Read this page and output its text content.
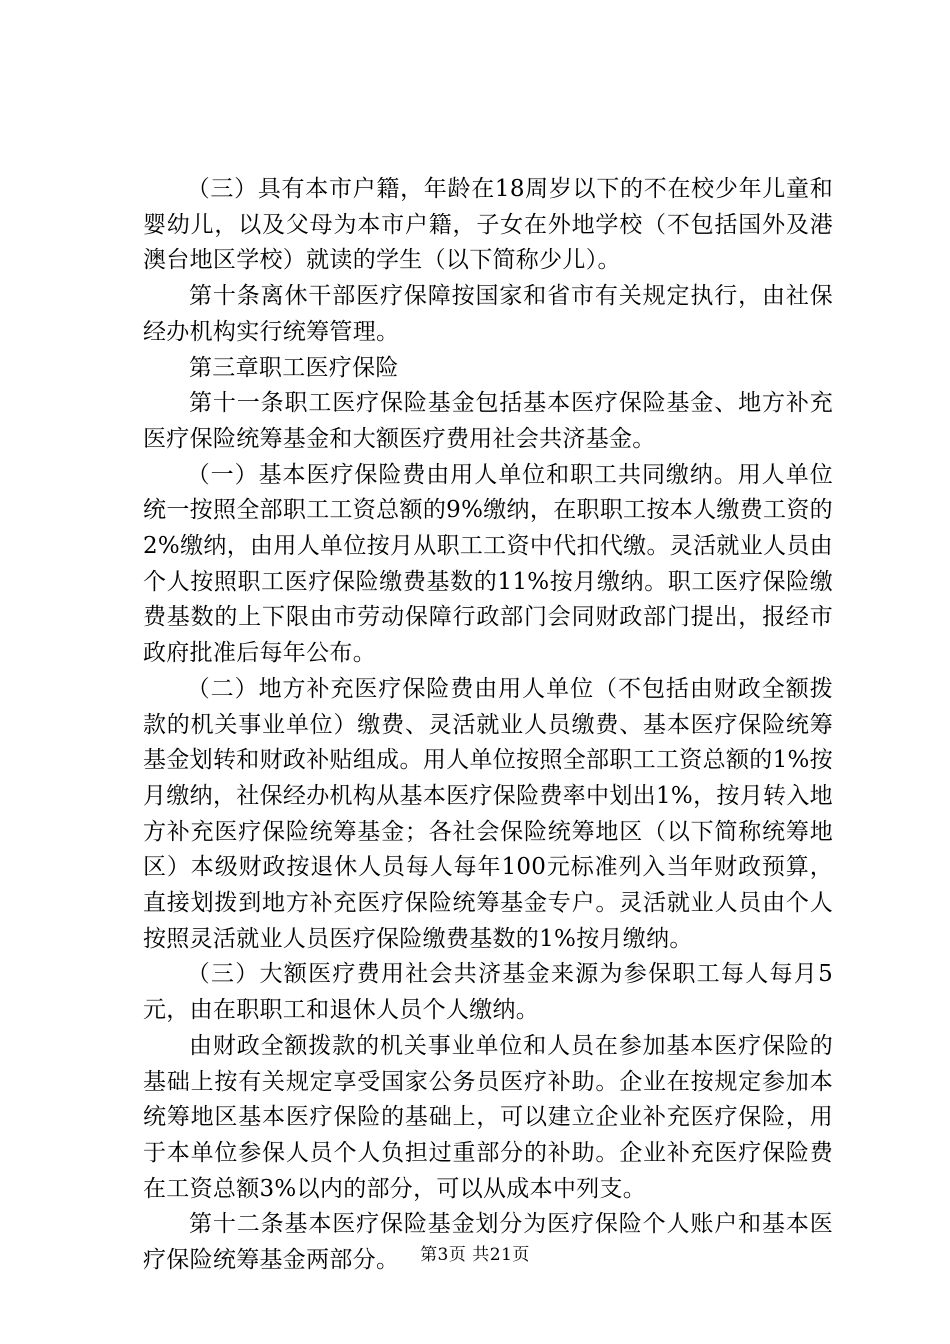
（三）具有本市户籍，年龄在18周岁以下的不在校少年儿童和婴幼儿，以及父母为本市户籍，子女在外地学校（不包括国外及港澳台地区学校）就读的学生（以下简称少儿）。

第十条离休干部医疗保障按国家和省市有关规定执行，由社保经办机构实行统筹管理。

第三章职工医疗保险

第十一条职工医疗保险基金包括基本医疗保险基金、地方补充医疗保险统筹基金和大额医疗费用社会共济基金。

（一）基本医疗保险费由用人单位和职工共同缴纳。用人单位统一按照全部职工工资总额的9%缴纳，在职职工按本人缴费工资的2%缴纳，由用人单位按月从职工工资中代扣代缴。灵活就业人员由个人按照职工医疗保险缴费基数的11%按月缴纳。职工医疗保险缴费基数的上下限由市劳动保障行政部门会同财政部门提出，报经市政府批准后每年公布。

（二）地方补充医疗保险费由用人单位（不包括由财政全额拨款的机关事业单位）缴费、灵活就业人员缴费、基本医疗保险统筹基金划转和财政补贴组成。用人单位按照全部职工工资总额的1%按月缴纳，社保经办机构从基本医疗保险费率中划出1%，按月转入地方补充医疗保险统筹基金；各社会保险统筹地区（以下简称统筹地区）本级财政按退休人员每人每年100元标准列入当年财政预算，直接划拨到地方补充医疗保险统筹基金专户。灵活就业人员由个人按照灵活就业人员医疗保险缴费基数的1%按月缴纳。

（三）大额医疗费用社会共济基金来源为参保职工每人每月5元，由在职职工和退休人员个人缴纳。

由财政全额拨款的机关事业单位和人员在参加基本医疗保险的基础上按有关规定享受国家公务员医疗补助。企业在按规定参加本统筹地区基本医疗保险的基础上，可以建立企业补充医疗保险，用于本单位参保人员个人负担过重部分的补助。企业补充医疗保险费在工资总额3%以内的部分，可以从成本中列支。

第十二条基本医疗保险基金划分为医疗保险个人账户和基本医疗保险统筹基金两部分。	第3页 共21页
